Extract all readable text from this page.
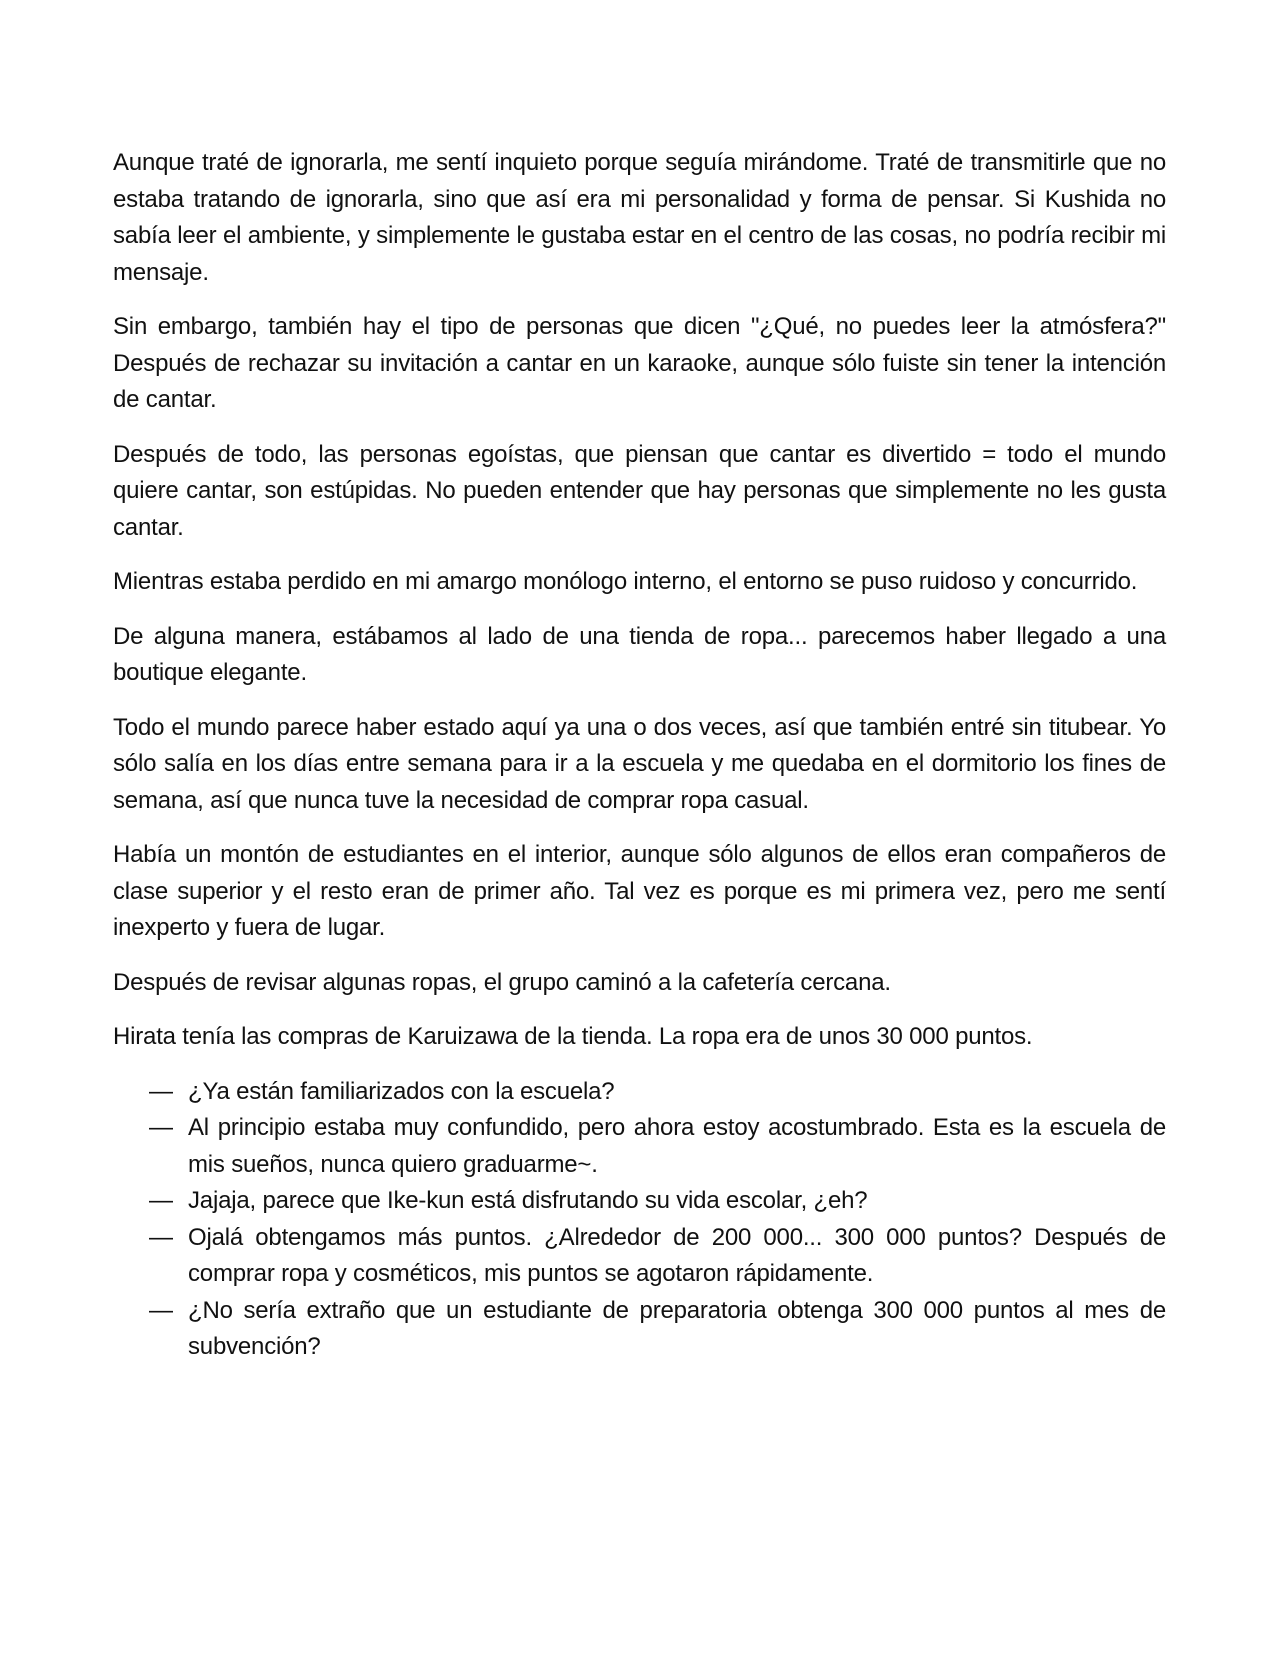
Aunque traté de ignorarla, me sentí inquieto porque seguía mirándome. Traté de transmitirle que no estaba tratando de ignorarla, sino que así era mi personalidad y forma de pensar. Si Kushida no sabía leer el ambiente, y simplemente le gustaba estar en el centro de las cosas, no podría recibir mi mensaje.

Sin embargo, también hay el tipo de personas que dicen "¿Qué, no puedes leer la atmósfera?" Después de rechazar su invitación a cantar en un karaoke, aunque sólo fuiste sin tener la intención de cantar.

Después de todo, las personas egoístas, que piensan que cantar es divertido = todo el mundo quiere cantar, son estúpidas. No pueden entender que hay personas que simplemente no les gusta cantar.

Mientras estaba perdido en mi amargo monólogo interno, el entorno se puso ruidoso y concurrido.

De alguna manera, estábamos al lado de una tienda de ropa... parecemos haber llegado a una boutique elegante.

Todo el mundo parece haber estado aquí ya una o dos veces, así que también entré sin titubear. Yo sólo salía en los días entre semana para ir a la escuela y me quedaba en el dormitorio los fines de semana, así que nunca tuve la necesidad de comprar ropa casual.

Había un montón de estudiantes en el interior, aunque sólo algunos de ellos eran compañeros de clase superior y el resto eran de primer año. Tal vez es porque es mi primera vez, pero me sentí inexperto y fuera de lugar.

Después de revisar algunas ropas, el grupo caminó a la cafetería cercana.

Hirata tenía las compras de Karuizawa de la tienda. La ropa era de unos 30 000 puntos.

— ¿Ya están familiarizados con la escuela?
— Al principio estaba muy confundido, pero ahora estoy acostumbrado. Esta es la escuela de mis sueños, nunca quiero graduarme~.
— Jajaja, parece que Ike-kun está disfrutando su vida escolar, ¿eh?
— Ojalá obtengamos más puntos. ¿Alrededor de 200 000... 300 000 puntos? Después de comprar ropa y cosméticos, mis puntos se agotaron rápidamente.
— ¿No sería extraño que un estudiante de preparatoria obtenga 300 000 puntos al mes de subvención?
